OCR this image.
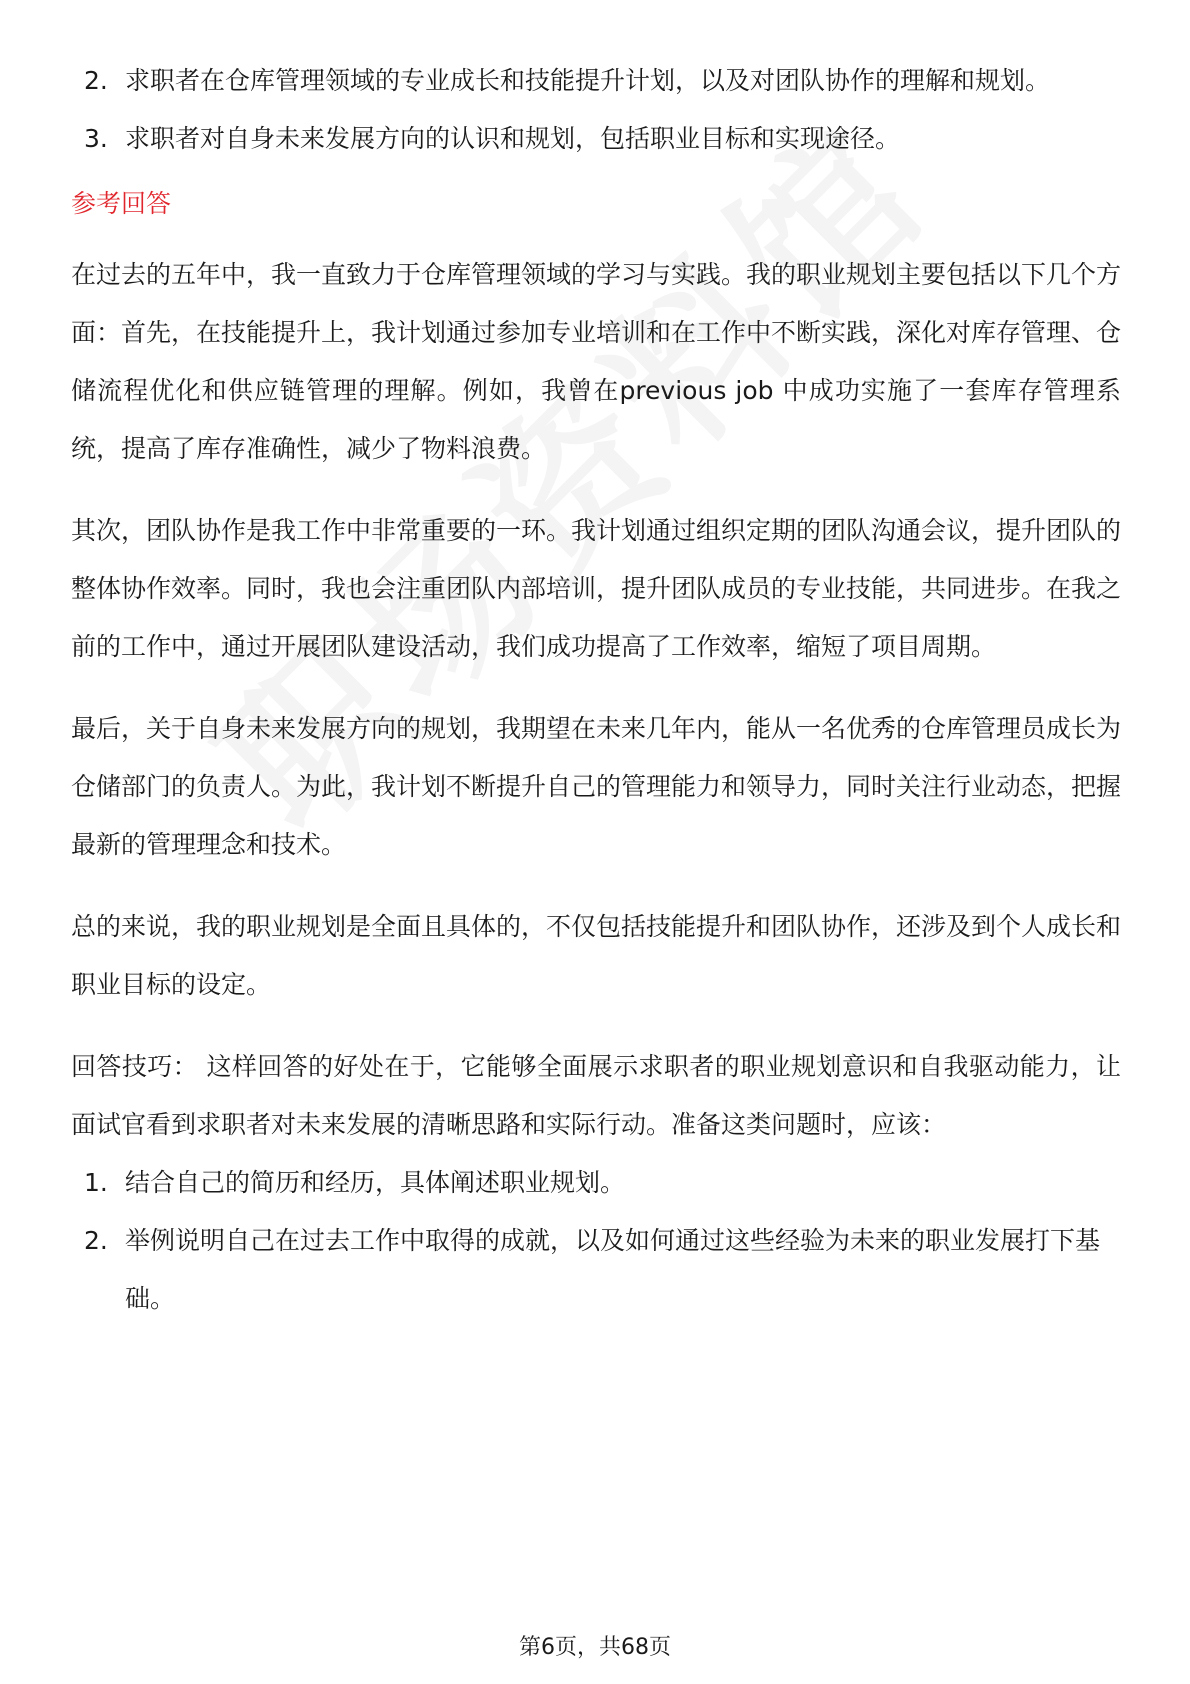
2. 求职者在仓库管理领域的专业成长和技能提升计划，以及对团队协作的理解和规划。
3. 求职者对自身未来发展方向的认识和规划，包括职业目标和实现途径。
参考回答

在过去的五年中，我一直致力于仓库管理领域的学习与实践。我的职业规划主要包括以下几个方面：首先，在技能提升上，我计划通过参加专业培训和在工作中不断实践，深化对库存管理、仓储流程优化和供应链管理的理解。例如，我曾在previous job 中成功实施了一套库存管理系统，提高了库存准确性，减少了物料浪费。

其次，团队协作是我工作中非常重要的一环。我计划通过组织定期的团队沟通会议，提升团队的整体协作效率。同时，我也会注重团队内部培训，提升团队成员的专业技能，共同进步。在我之前的工作中，通过开展团队建设活动，我们成功提高了工作效率，缩短了项目周期。

最后，关于自身未来发展方向的规划，我期望在未来几年内，能从一名优秀的仓库管理员成长为仓储部门的负责人。为此，我计划不断提升自己的管理能力和领导力，同时关注行业动态，把握最新的管理理念和技术。

总的来说，我的职业规划是全面且具体的，不仅包括技能提升和团队协作，还涉及到个人成长和职业目标的设定。

回答技巧： 这样回答的好处在于，它能够全面展示求职者的职业规划意识和自我驱动能力，让面试官看到求职者对未来发展的清晰思路和实际行动。准备这类问题时，应该：

1. 结合自己的简历和经历，具体阐述职业规划。
2. 举例说明自己在过去工作中取得的成就，以及如何通过这些经验为未来的职业发展打下基础。
第6页，共68页
